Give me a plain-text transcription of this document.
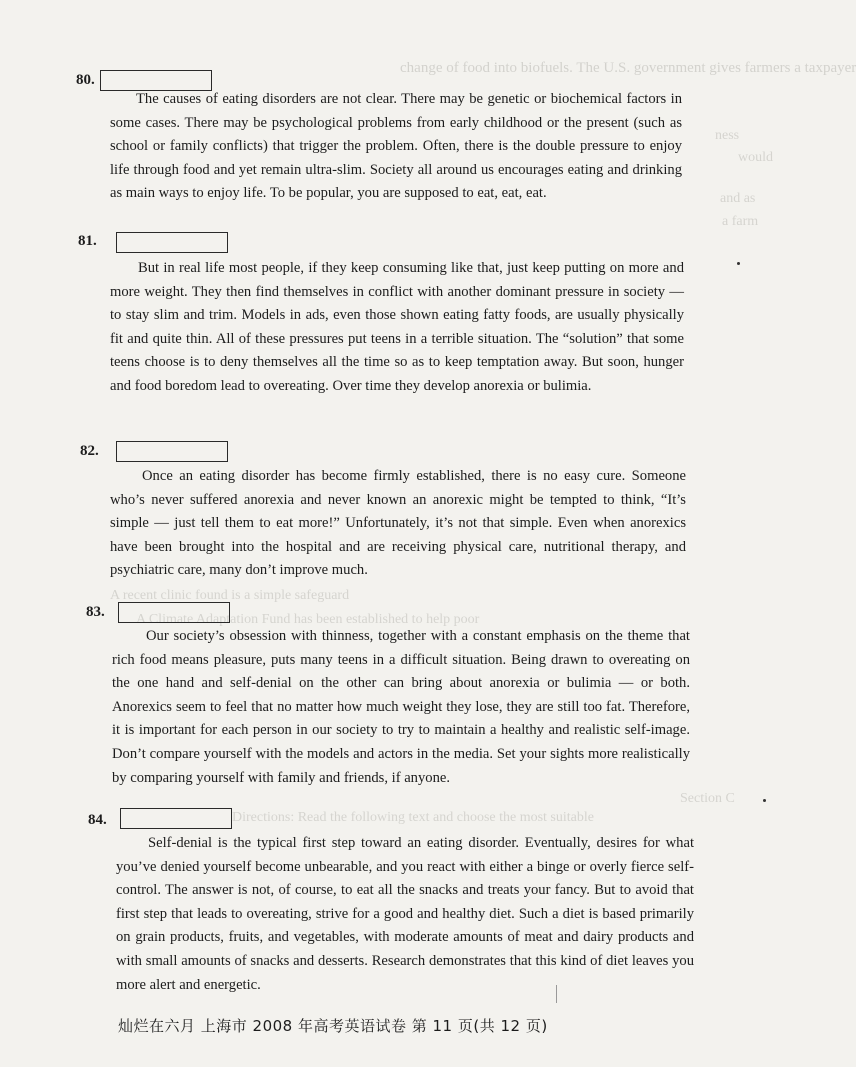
change of food into biofuels. The U.S. government gives farmers a taxpayer
ness
would
and as
a farm
A recent clinic found is a simple safeguard
A Climate Adaptation Fund has been established to help poor
Section C
Directions: Read the following text and choose the most suitable
80.

The causes of eating disorders are not clear. There may be genetic or biochemical factors in some cases. There may be psychological problems from early childhood or the present (such as school or family conflicts) that trigger the problem. Often, there is the double pressure to enjoy life through food and yet remain ultra-slim. Society all around us encourages eating and drinking as main ways to enjoy life. To be popular, you are supposed to eat, eat, eat.

81.

But in real life most people, if they keep consuming like that, just keep putting on more and more weight. They then find themselves in conflict with another dominant pressure in society — to stay slim and trim. Models in ads, even those shown eating fatty foods, are usually physically fit and quite thin. All of these pressures put teens in a terrible situation. The “solution” that some teens choose is to deny themselves all the time so as to keep temptation away. But soon, hunger and food boredom lead to overeating. Over time they develop anorexia or bulimia.

82.

Once an eating disorder has become firmly established, there is no easy cure. Someone who’s never suffered anorexia and never known an anorexic might be tempted to think, “It’s simple — just tell them to eat more!” Unfortunately, it’s not that simple. Even when anorexics have been brought into the hospital and are receiving physical care, nutritional therapy, and psychiatric care, many don’t improve much.

83.

Our society’s obsession with thinness, together with a constant emphasis on the theme that rich food means pleasure, puts many teens in a difficult situation. Being drawn to overeating on the one hand and self-denial on the other can bring about anorexia or bulimia — or both. Anorexics seem to feel that no matter how much weight they lose, they are still too fat. Therefore, it is important for each person in our society to try to maintain a healthy and realistic self-image. Don’t compare yourself with the models and actors in the media. Set your sights more realistically by comparing yourself with family and friends, if anyone.

84.

Self-denial is the typical first step toward an eating disorder. Eventually, desires for what you’ve denied yourself become unbearable, and you react with either a binge or overly fierce self-control. The answer is not, of course, to eat all the snacks and treats your fancy. But to avoid that first step that leads to overeating, strive for a good and healthy diet. Such a diet is based primarily on grain products, fruits, and vegetables, with moderate amounts of meat and dairy products and with small amounts of snacks and desserts. Research demonstrates that this kind of diet leaves you more alert and energetic.

灿烂在六月 上海市 2008 年高考英语试卷 第 11 页(共 12 页)
